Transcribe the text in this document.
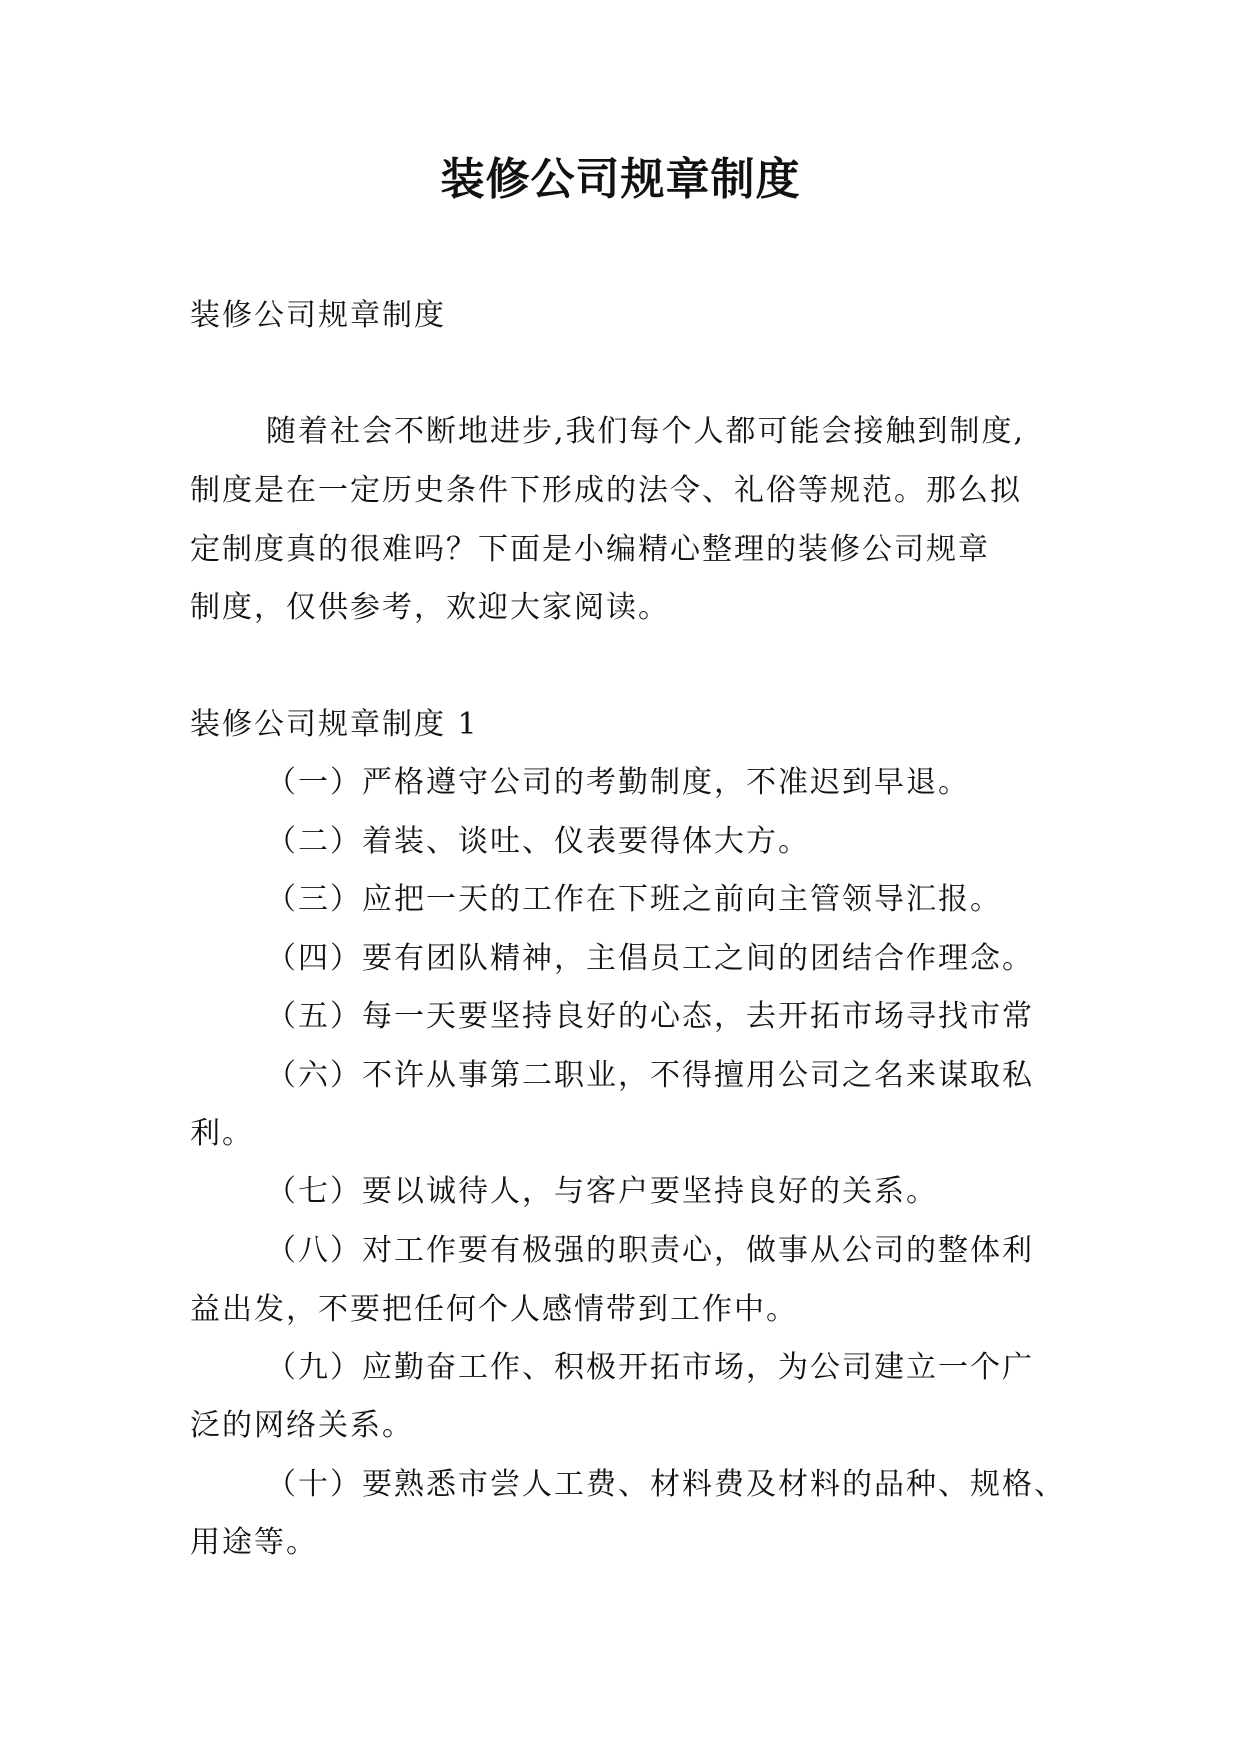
装修公司规章制度

装修公司规章制度

随着社会不断地进步,我们每个人都可能会接触到制度,

制度是在一定历史条件下形成的法令、礼俗等规范。那么拟

定制度真的很难吗？下面是小编精心整理的装修公司规章

制度，仅供参考，欢迎大家阅读。

装修公司规章制度 1

（一）严格遵守公司的考勤制度，不准迟到早退。

（二）着装、谈吐、仪表要得体大方。

（三）应把一天的工作在下班之前向主管领导汇报。

（四）要有团队精神，主倡员工之间的团结合作理念。

（五）每一天要坚持良好的心态，去开拓市场寻找市常

（六）不许从事第二职业，不得擅用公司之名来谋取私

利。

（七）要以诚待人，与客户要坚持良好的关系。

（八）对工作要有极强的职责心，做事从公司的整体利

益出发，不要把任何个人感情带到工作中。

（九）应勤奋工作、积极开拓市场，为公司建立一个广

泛的网络关系。

（十）要熟悉市尝人工费、材料费及材料的品种、规格、

用途等。
